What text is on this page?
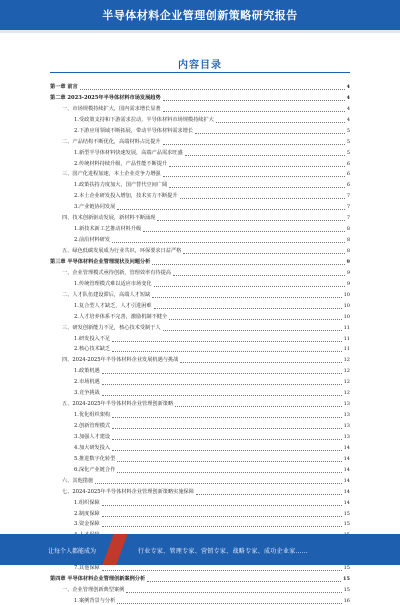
半导体材料企业管理创新策略研究报告
内容目录
第一章 前言	4
第二章 2023-2025年半导体材料市场发展趋势	4
一、市场规模持续扩大，国内需求增长显著	4
1.受政策支持和下游需求拉动，半导体材料市场规模持续扩大	4
2.下游应用领域不断拓展，带动半导体材料需求增长	5
二、产品结构不断优化，高端材料占比提升	5
1.新型半导体材料快速发展，高端产品需求旺盛	5
2.传统材料持续升级，产品性能不断提升	6
三、国产化进程加速，本土企业竞争力增强	6
1.政策扶持力度加大，国产替代空间广阔	6
2.本土企业研发投入增加，技术实力不断提升	7
3.产业链协同发展	7
四、技术创新驱动发展，新材料不断涌现	7
1.新技术新工艺推动材料升级	8
2.前沿材料研发	8
五、绿色低碳发展成为行业共识，环保要求日益严格	8
第三章 半导体材料企业管理现状及问题分析	9
一、企业管理模式亟待创新，管理效率有待提高	9
1.传统管理模式难以适应市场变化	9
二、人才队伍建设滞后，高端人才短缺	10
1.复合型人才缺乏，人才引进困难	10
2.人才培养体系不完善，激励机制不健全	10
三、研发创新能力不足，核心技术受制于人	11
1.研发投入不足	11
2.核心技术缺乏	11
四、2024-2025年半导体材料企业发展机遇与挑战	12
1.政策机遇	12
2.市场机遇	12
3.竞争挑战	12
五、2024-2025年半导体材料企业管理创新策略	13
1.优化组织架构	13
2.创新管理模式	13
3.加强人才建设	13
4.加大研发投入	14
5.推进数字化转型	14
6.深化产业链合作	14
六、其他措施	14
七、2024-2025年半导体材料企业管理创新策略实施保障	14
1.组织保障	14
2.制度保障	15
3.资金保障	15
7.其他保障	15
第四章 半导体材料企业管理创新案例分析	15
一、企业管理创新典型案例	15
1.案例背景与分析	16
让每个人都能成为	行业专家、管理专家、营销专家、战略专家、成功企业家……
